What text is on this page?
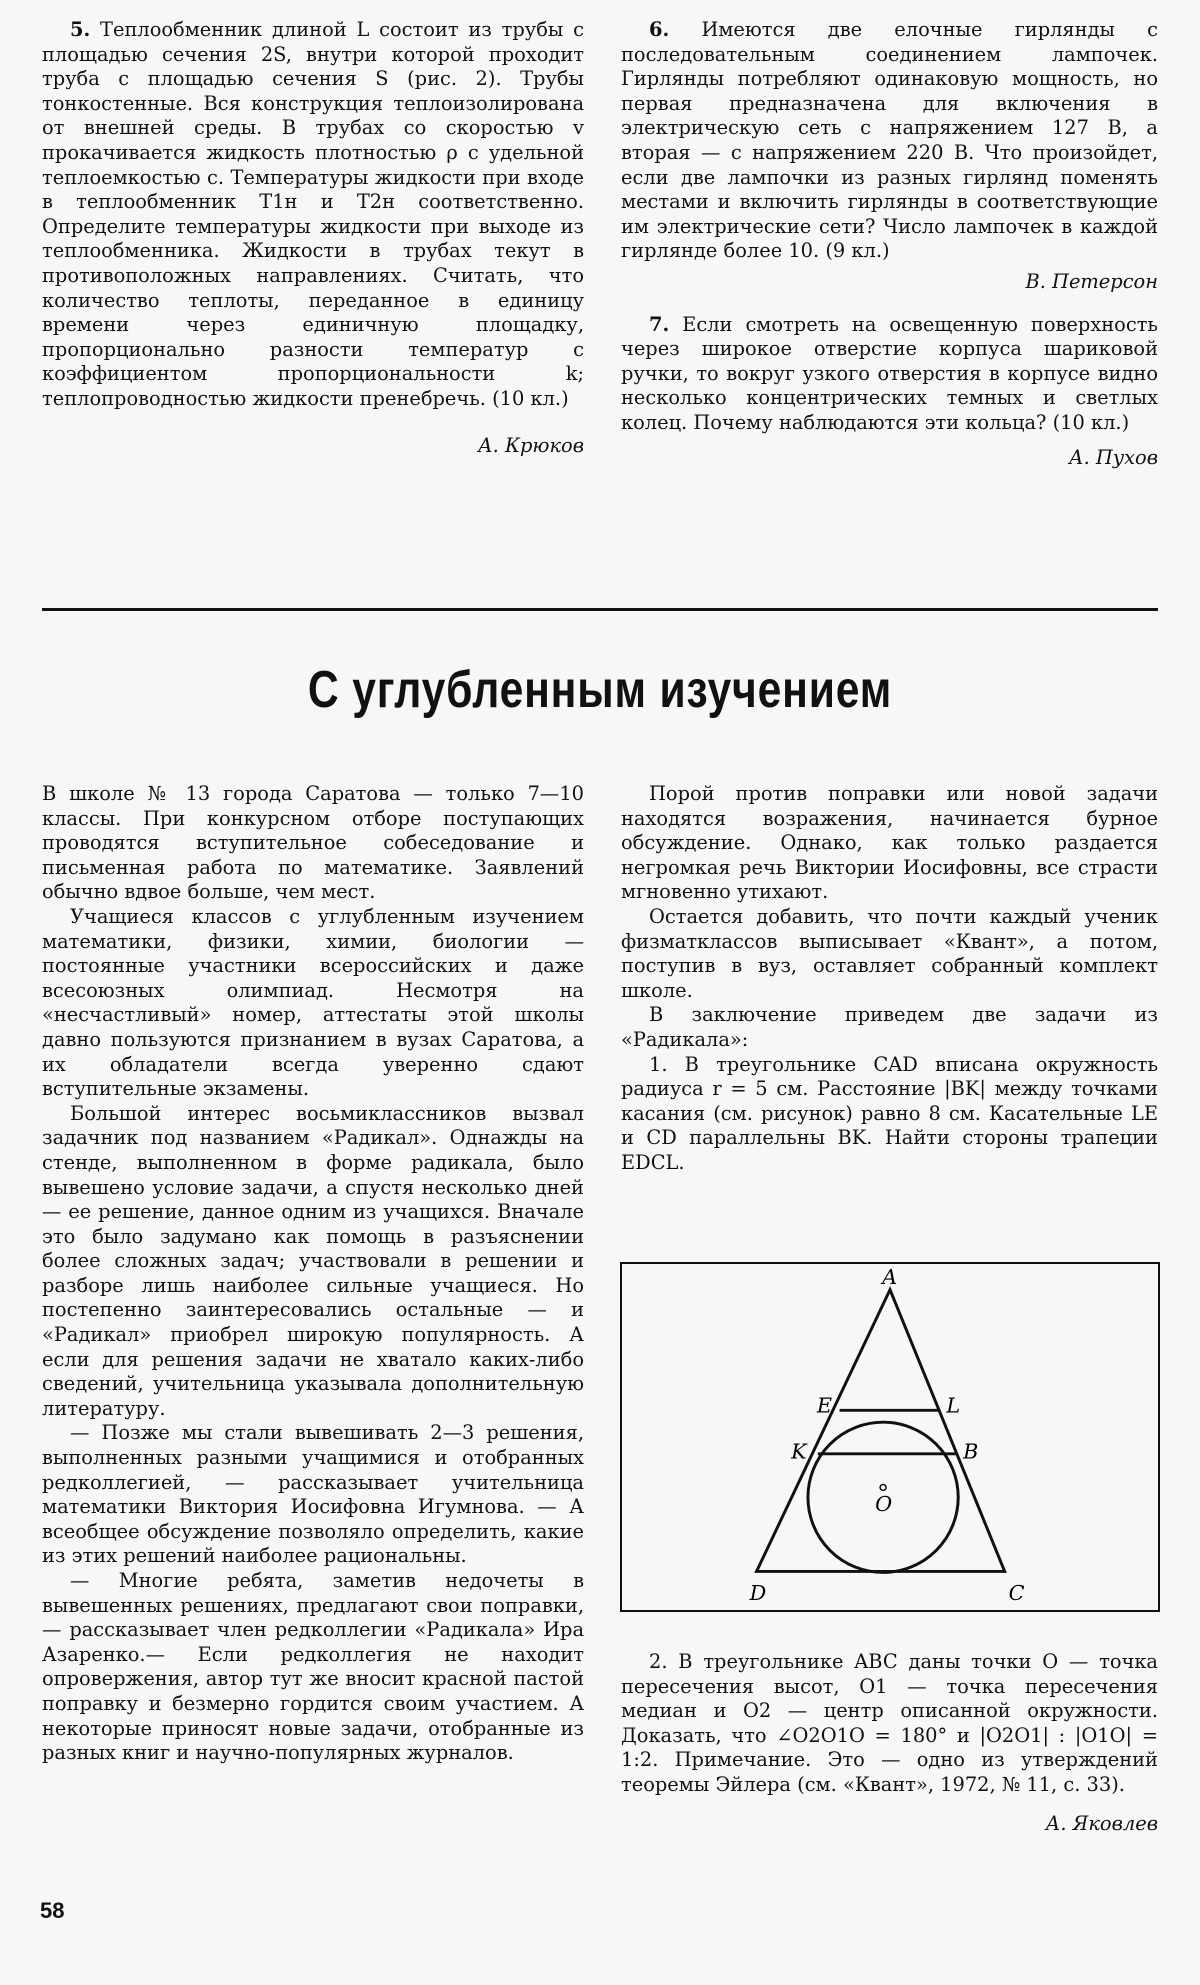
5. Теплообменник длиной L состоит из трубы с площадью сечения 2S, внутри которой проходит труба с площадью сечения S (рис. 2). Трубы тонкостенные. Вся конструкция теплоизолирована от внешней среды. В трубах со скоростью v прокачивается жидкость плотностью ρ с удельной теплоемкостью c. Температуры жидкости при входе в теплообменник T1н и T2н соответственно. Определите температуры жидкости при выходе из теплообменника. Жидкости в трубах текут в противоположных направлениях. Считать, что количество теплоты, переданное в единицу времени через единичную площадку, пропорционально разности температур с коэффициентом пропорциональности k; теплопроводностью жидкости пренебречь. (10 кл.)

А. Крюков

6. Имеются две елочные гирлянды с последовательным соединением лампочек. Гирлянды потребляют одинаковую мощность, но первая предназначена для включения в электрическую сеть с напряжением 127 В, а вторая — с напряжением 220 В. Что произойдет, если две лампочки из разных гирлянд поменять местами и включить гирлянды в соответствующие им электрические сети? Число лампочек в каждой гирлянде более 10. (9 кл.)

В. Петерсон

7. Если смотреть на освещенную поверхность через широкое отверстие корпуса шариковой ручки, то вокруг узкого отверстия в корпусе видно несколько концентрических темных и светлых колец. Почему наблюдаются эти кольца? (10 кл.)

А. Пухов

С углубленным изучением

В школе № 13 города Саратова — только 7—10 классы. При конкурсном отборе поступающих проводятся вступительное собеседование и письменная работа по математике. Заявлений обычно вдвое больше, чем мест.

Учащиеся классов с углубленным изучением математики, физики, химии, биологии — постоянные участники всероссийских и даже всесоюзных олимпиад. Несмотря на «несчастливый» номер, аттестаты этой школы давно пользуются признанием в вузах Саратова, а их обладатели всегда уверенно сдают вступительные экзамены.

Большой интерес восьмиклассников вызвал задачник под названием «Радикал». Однажды на стенде, выполненном в форме радикала, было вывешено условие задачи, а спустя несколько дней — ее решение, данное одним из учащихся. Вначале это было задумано как помощь в разъяснении более сложных задач; участвовали в решении и разборе лишь наиболее сильные учащиеся. Но постепенно заинтересовались остальные — и «Радикал» приобрел широкую популярность. А если для решения задачи не хватало каких-либо сведений, учительница указывала дополнительную литературу.

— Позже мы стали вывешивать 2—3 решения, выполненных разными учащимися и отобранных редколлегией, — рассказывает учительница математики Виктория Иосифовна Игумнова. — А всеобщее обсуждение позволяло определить, какие из этих решений наиболее рациональны.

— Многие ребята, заметив недочеты в вывешенных решениях, предлагают свои поправки,— рассказывает член редколлегии «Радикала» Ира Азаренко.— Если редколлегия не находит опровержения, автор тут же вносит красной пастой поправку и безмерно гордится своим участием. А некоторые приносят новые задачи, отобранные из разных книг и научно-популярных журналов.

Порой против поправки или новой задачи находятся возражения, начинается бурное обсуждение. Однако, как только раздается негромкая речь Виктории Иосифовны, все страсти мгновенно утихают.

Остается добавить, что почти каждый ученик физматклассов выписывает «Квант», а потом, поступив в вуз, оставляет собранный комплект школе.

В заключение приведем две задачи из «Радикала»:

1. В треугольнике CAD вписана окружность радиуса r = 5 см. Расстояние |BK| между точками касания (см. рисунок) равно 8 см. Касательные LE и CD параллельны BK. Найти стороны трапеции EDCL.

A
E	L
K	B
O
D	C

2. В треугольнике ABC даны точки O — точка пересечения высот, O1 — точка пересечения медиан и O2 — центр описанной окружности. Доказать, что ∠O2O1O = 180° и |O2O1| : |O1O| = 1:2. Примечание. Это — одно из утверждений теоремы Эйлера (см. «Квант», 1972, № 11, с. 33).

А. Яковлев

58
